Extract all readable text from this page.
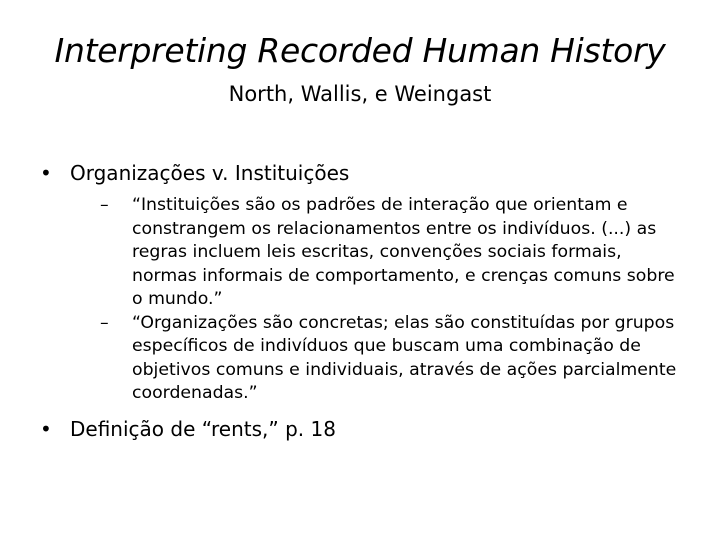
Interpreting Recorded Human History
North, Wallis, e Weingast
• Organizações v. Instituições
– “Instituições são os padrões de interação que orientam e constrangem os relacionamentos entre os indivíduos. (...) as regras incluem leis escritas, convenções sociais formais, normas informais de comportamento, e crenças comuns sobre o mundo.”
– “Organizações são concretas; elas são constituídas por grupos específicos de indivíduos que buscam uma combinação de objetivos comuns e individuais, através de ações parcialmente coordenadas.”
• Definição de “rents,” p. 18
